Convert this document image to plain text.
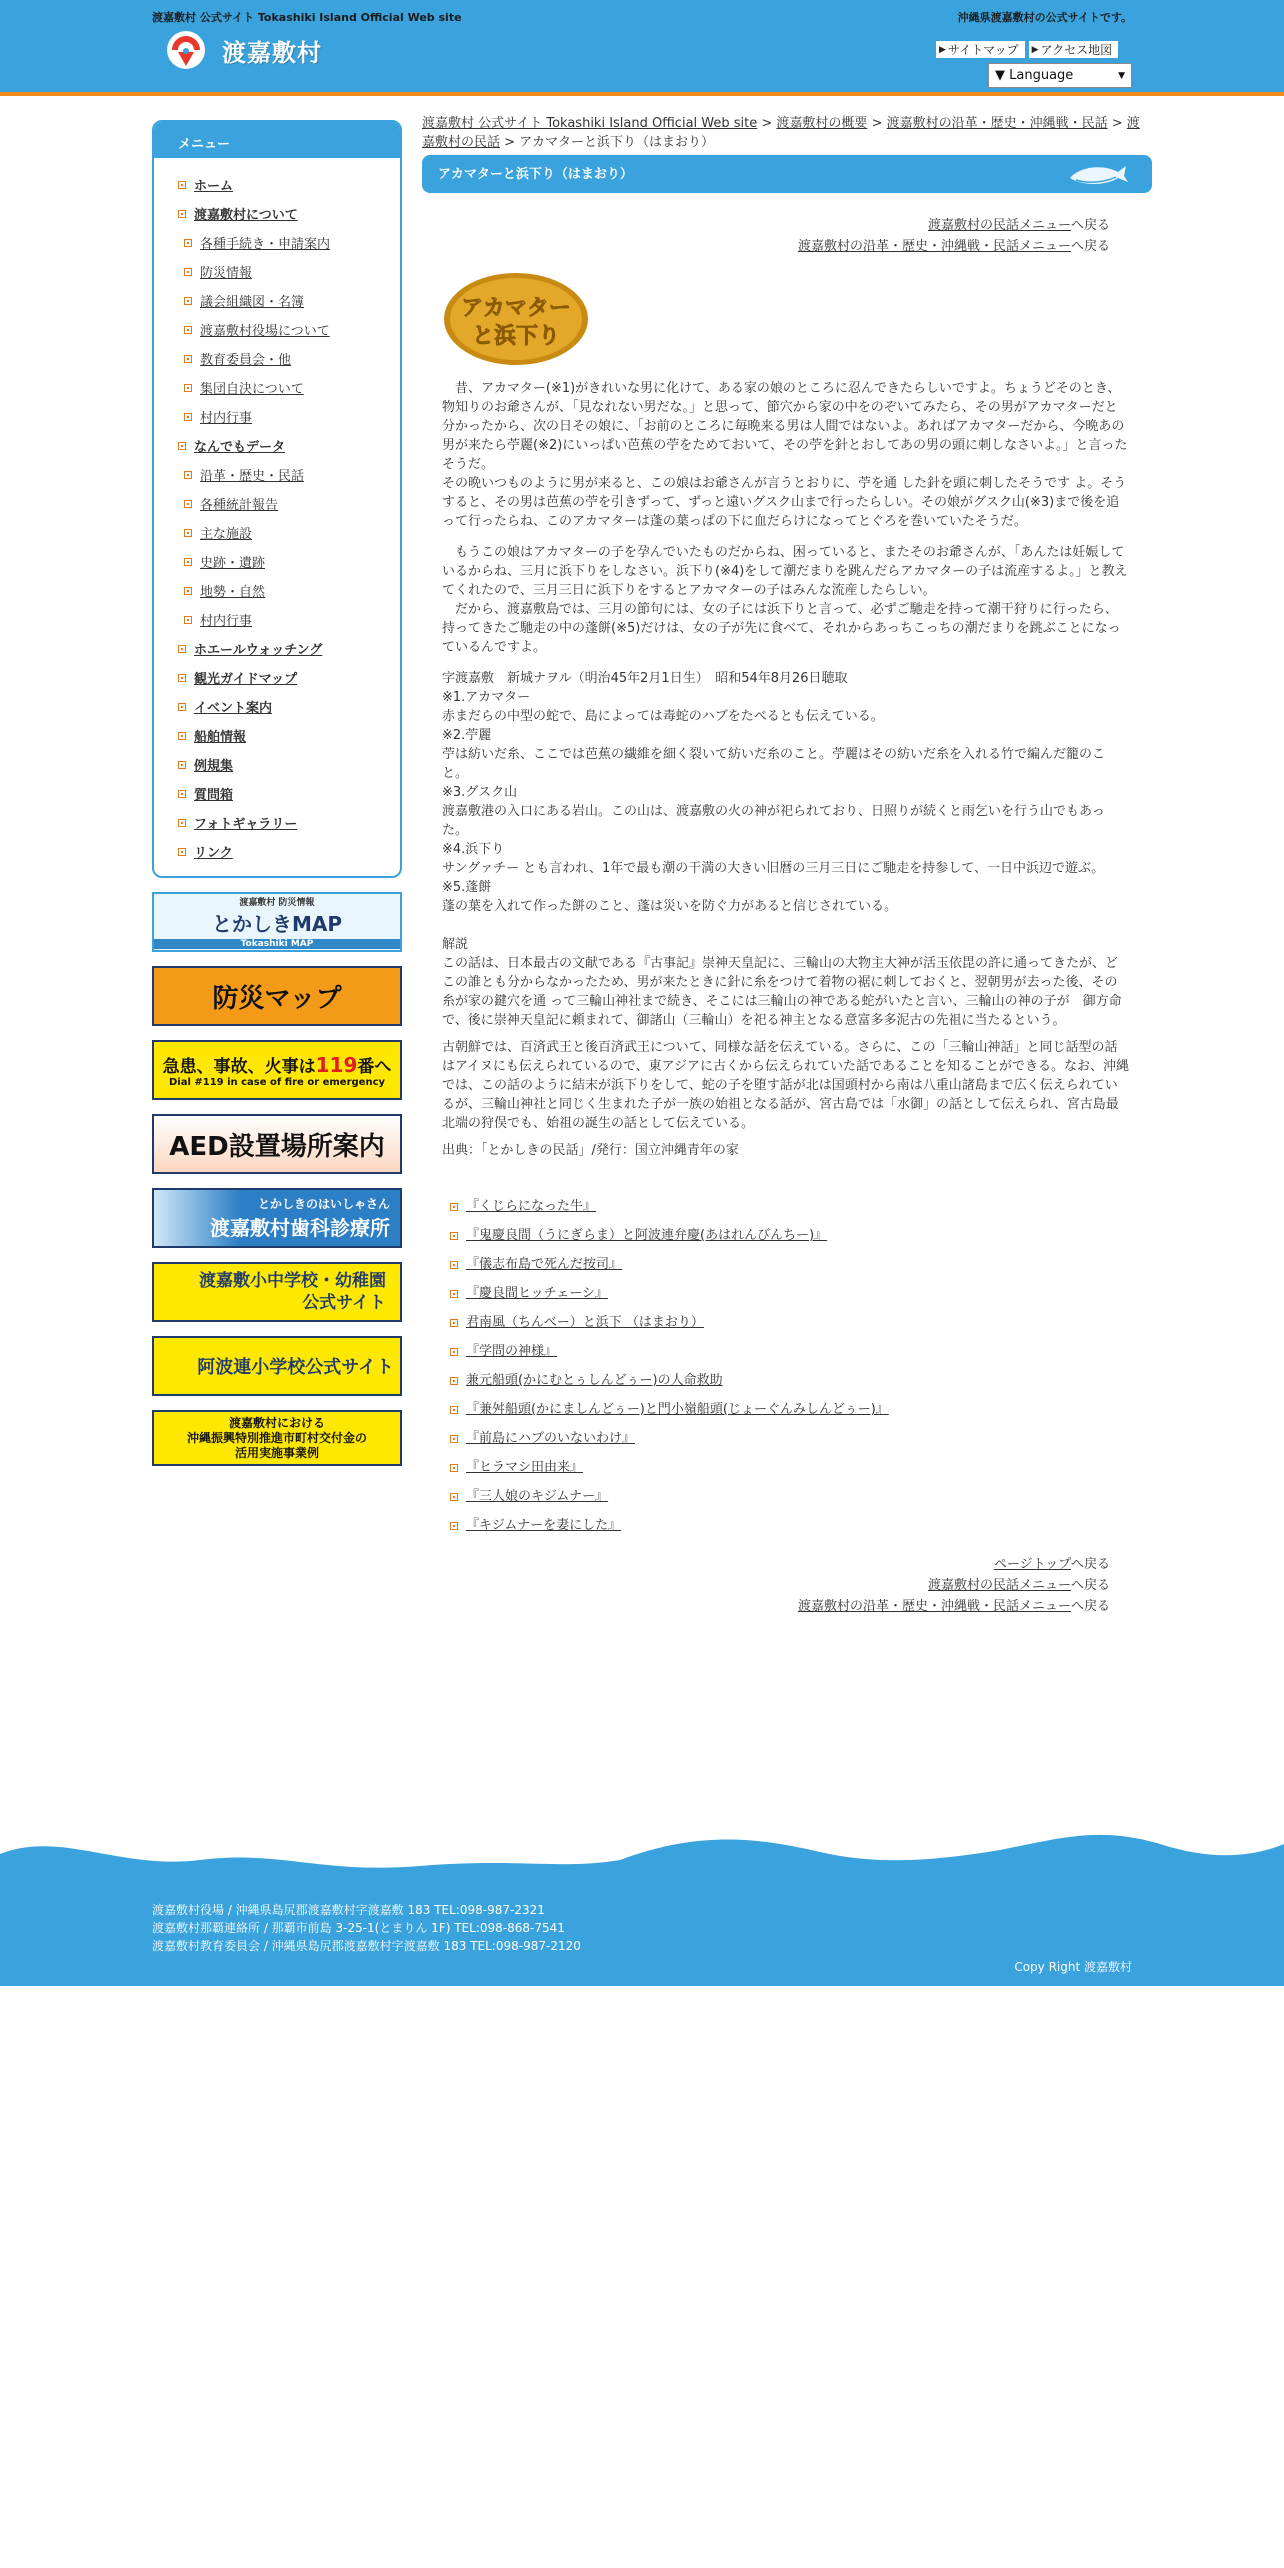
渡嘉敷村 公式サイト Tokashiki Island Official Web site	沖縄県渡嘉敷村の公式サイトです。
渡嘉敷村	▶ サイトマップ ▶ アクセス地図
▼ Language	▼
メニュー
ホーム
渡嘉敷村について
各種手続き・申請案内
防災情報
議会組織図・名簿
渡嘉敷村役場について
教育委員会・他
集団自決について
村内行事
なんでもデータ
沿革・歴史・民話
各種統計報告
主な施設
史跡・遺跡
地勢・自然
村内行事
ホエールウォッチング
観光ガイドマップ
イベント案内
船舶情報
例規集
質問箱
フォトギャラリー
リンク
渡嘉敷村 防災情報
とかしきMAP
Tokashiki MAP
防災マップ
急患、事故、火事は119番へ
Dial #119 in case of fire or emergency
AED設置場所案内
とかしきのはいしゃさん
渡嘉敷村歯科診療所
渡嘉敷小中学校・幼稚園
公式サイト
阿波連小学校公式サイト
渡嘉敷村における
沖縄振興特別推進市町村交付金の
活用実施事業例
渡嘉敷村 公式サイト Tokashiki Island Official Web site > 渡嘉敷村の概要 > 渡嘉敷村の沿革・歴史・沖縄戦・民話 > 渡嘉敷村の民話 > アカマターと浜下り（はまおり）
アカマターと浜下り（はまおり）
渡嘉敷村の民話メニューへ戻る
渡嘉敷村の沿革・歴史・沖縄戦・民話メニューへ戻る
アカマター
と浜下り

昔、アカマター(※1)がきれいな男に化けて、ある家の娘のところに忍んできたらしいですよ。ちょうどそのとき、物知りのお爺さんが、「見なれない男だな。」と思って、節穴から家の中をのぞいてみたら、その男がアカマターだと分かったから、次の日その娘に、「お前のところに毎晩来る男は人間ではないよ。あればアカマターだから、今晩あの男が来たら苧麗(※2)にいっぱい芭蕉の苧をためておいて、その苧を針とおしてあの男の頭に刺しなさいよ。」と言ったそうだ。

その晩いつものように男が来ると、この娘はお爺さんが言うとおりに、苧を通 した針を頭に刺したそうです よ。そうすると、その男は芭蕉の苧を引きずって、ずっと遠いグスク山まで行ったらしい。その娘がグスク山(※3)まで後を追って行ったらね、このアカマターは蓬の葉っぱの下に血だらけになってとぐろを巻いていたそうだ。

もうこの娘はアカマターの子を孕んでいたものだからね、困っていると、またそのお爺さんが、「あんたは妊娠しているからね、三月に浜下りをしなさい。浜下り(※4)をして潮だまりを跳んだらアカマターの子は流産するよ。」と教えてくれたので、三月三日に浜下りをするとアカマターの子はみんな流産したらしい。

だから、渡嘉敷島では、三月の節句には、女の子には浜下りと言って、必ずご馳走を持って潮干狩りに行ったら、持ってきたご馳走の中の蓬餅(※5)だけは、女の子が先に食べて、それからあっちこっちの潮だまりを跳ぶことになっているんですよ。

字渡嘉敷　新城ナヲル（明治45年2月1日生）　昭和54年8月26日聴取
※1.アカマター
赤まだらの中型の蛇で、島によっては毒蛇のハブをたべるとも伝えている。
※2.苧麗
苧は紡いだ糸、ここでは芭蕉の繊維を細く裂いて紡いだ糸のこと。苧麗はその紡いだ糸を入れる竹で編んだ籠のこと。
※3.グスク山
渡嘉敷港の入口にある岩山。この山は、渡嘉敷の火の神が祀られており、日照りが続くと雨乞いを行う山でもあった。
※4.浜下り
サングァチー とも言われ、1年で最も潮の干満の大きい旧暦の三月三日にご馳走を持参して、一日中浜辺で遊ぶ。
※5.蓬餅
蓬の葉を入れて作った餅のこと、蓬は災いを防ぐ力があると信じされている。

解説

この話は、日本最古の文献である『古事記』崇神天皇記に、三輪山の大物主大神が活玉依毘の許に通ってきたが、どこの誰とも分からなかったため、男が来たときに針に糸をつけて着物の裾に刺しておくと、翌朝男が去った後、その糸が家の鍵穴を通 って三輪山神社まで続き、そこには三輪山の神である蛇がいたと言い、三輪山の神の子が　御方命で、後に崇神天皇記に頼まれて、御諸山（三輪山）を祀る神主となる意富多多泥古の先祖に当たるという。

古朝鮮では、百済武王と後百済武王について、同様な話を伝えている。さらに、この「三輪山神話」と同じ話型の話はアイヌにも伝えられているので、東アジアに古くから伝えられていた話であることを知ることができる。なお、沖縄では、この話のように結末が浜下りをして、蛇の子を堕す話が北は国頭村から南は八重山諸島まで広く伝えられているが、三輪山神社と同じく生まれた子が一族の始祖となる話が、宮古島では「水御」の話として伝えられ、宮古島最北端の狩俣でも、始祖の誕生の話として伝えている。

出典：「とかしきの民話」/発行：国立沖縄青年の家

『くじらになった牛』
『鬼慶良間（うにぎらま）と阿波連弁慶(あはれんびんちー)』
『儀志布島で死んだ按司』
『慶良間ヒッチェーシ』
君南風（ちんべー）と浜下 （はまおり）
『学問の神様』
兼元船頭(かにむとぅしんどぅー)の人命救助
『兼舛船頭(かにましんどぅー)と門小嶺船頭(じょーぐんみしんどぅー)』
『前島にハブのいないわけ』
『ヒラマシ田由来』
『三人娘のキジムナー』
『キジムナーを妻にした』
ページトップへ戻る
渡嘉敷村の民話メニューへ戻る
渡嘉敷村の沿革・歴史・沖縄戦・民話メニューへ戻る
渡嘉敷村役場 / 沖縄県島尻郡渡嘉敷村字渡嘉敷 183 TEL:098-987-2321
渡嘉敷村那覇連絡所 / 那覇市前島 3-25-1(とまりん 1F) TEL:098-868-7541
渡嘉敷村教育委員会 / 沖縄県島尻郡渡嘉敷村字渡嘉敷 183 TEL:098-987-2120
Copy Right 渡嘉敷村
